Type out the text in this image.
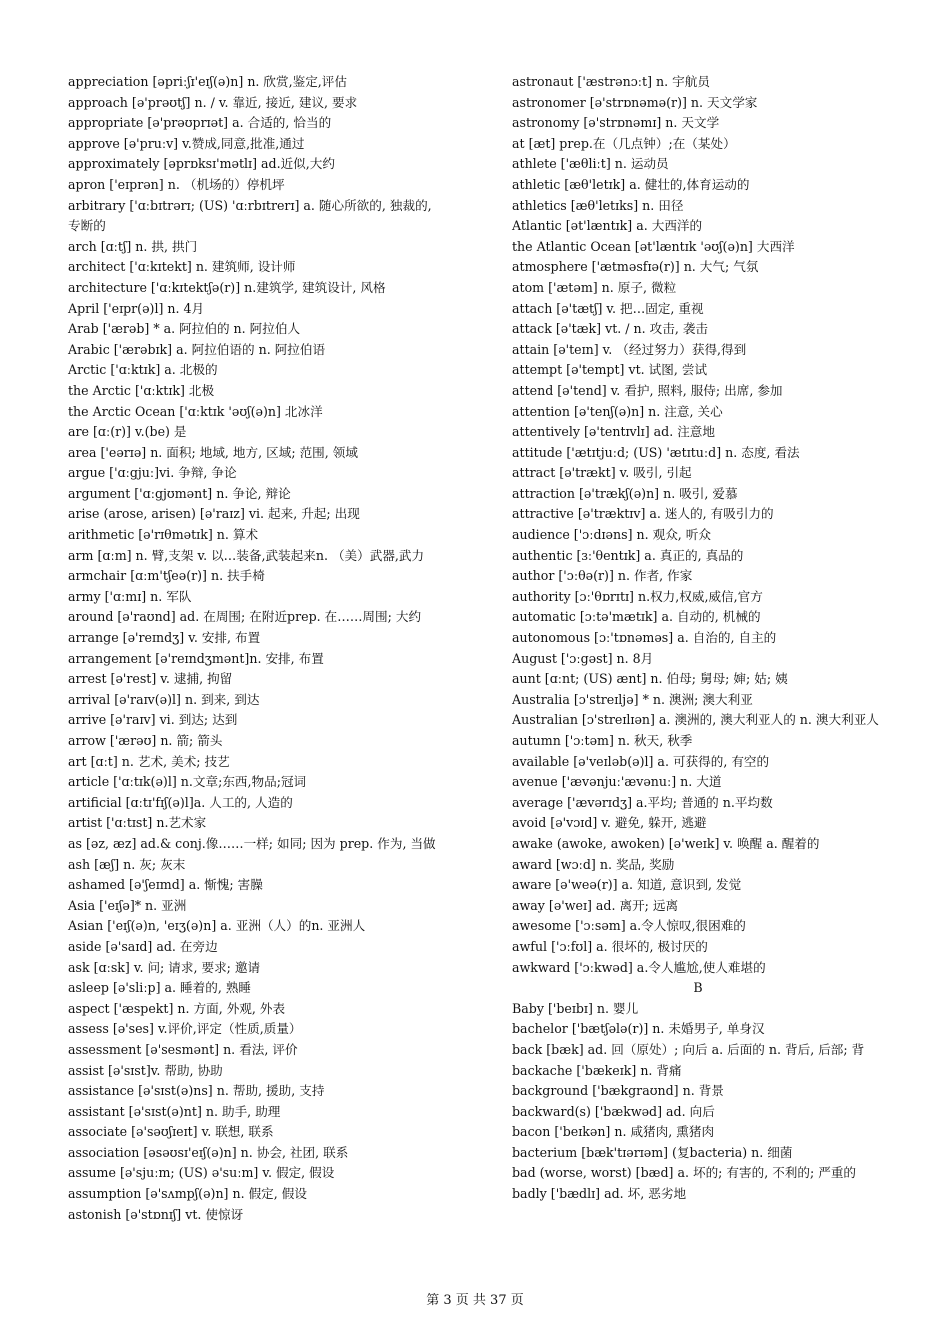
appreciation [əpriːʃɪ'eɪʃ(ə)n] n. 欣赏,鉴定,评估
approach [ə'prəʊtʃ] n. / v. 靠近, 接近, 建议, 要求
appropriate [ə'prəʊprɪət] a. 合适的, 恰当的
approve [ə'pruːv] v.赞成,同意,批准,通过
approximately [əprɒksɪ'mətlɪ] ad.近似,大约
apron ['eɪprən] n. （机场的）停机坪
arbitrary ['ɑːbɪtrərɪ; (US) 'ɑːrbɪtrerɪ] a. 随心所欲的, 独裁的, 专断的
arch [ɑːtʃ] n. 拱, 拱门
architect ['ɑːkɪtekt] n. 建筑师, 设计师
architecture ['ɑːkɪtektʃə(r)] n.建筑学, 建筑设计, 风格
April ['eɪpr(ə)l] n. 4月
Arab ['ærəb] * a. 阿拉伯的 n. 阿拉伯人
Arabic ['ærəbɪk] a. 阿拉伯语的 n. 阿拉伯语
Arctic ['ɑːktɪk] a. 北极的
the Arctic ['ɑːktɪk] 北极
the Arctic Ocean ['ɑːktɪk 'əʊʃ(ə)n] 北冰洋
are [ɑː(r)] v.(be) 是
area ['eərɪə] n. 面积; 地域, 地方, 区域; 范围, 领域
argue ['ɑːgjuː]vi. 争辩, 争论
argument ['ɑːgjʊmənt] n. 争论, 辩论
arise (arose, arisen) [ə'raɪz] vi. 起来, 升起; 出现
arithmetic [ə'rɪθmətɪk] n. 算术
arm [ɑːm] n. 臂,支架 v. 以…装备,武装起来n. （美）武器,武力
armchair [ɑːm'tʃeə(r)] n. 扶手椅
army ['ɑːmɪ] n. 军队
around [ə'raʊnd] ad. 在周围; 在附近prep. 在……周围; 大约
arrange [ə'reɪndʒ] v. 安排, 布置
arrangement [ə'reɪndʒmənt]n. 安排, 布置
arrest [ə'rest] v. 逮捕, 拘留
arrival [ə'raɪv(ə)l] n. 到来, 到达
arrive [ə'raɪv] vi. 到达; 达到
arrow ['ærəʊ] n. 箭; 箭头
art [ɑːt] n. 艺术, 美术; 技艺
article ['ɑːtɪk(ə)l] n.文章;东西,物品;冠词
artificial [ɑːtɪ'fɪʃ(ə)l]a. 人工的, 人造的
artist ['ɑːtɪst] n.艺术家
as [əz, æz] ad.& conj.像……一样; 如同; 因为 prep. 作为, 当做
ash [æʃ] n. 灰; 灰末
ashamed [ə'ʃeɪmd] a. 惭愧; 害臊
Asia ['eɪʃə]* n. 亚洲
Asian ['eɪʃ(ə)n, 'eɪʒ(ə)n] a. 亚洲（人）的n. 亚洲人
aside [ə'saɪd] ad. 在旁边
ask [ɑːsk] v. 问; 请求, 要求; 邀请
asleep [ə'sliːp] a. 睡着的, 熟睡
aspect ['æspekt] n. 方面, 外观, 外表
assess [ə'ses] v.评价,评定（性质,质量）
assessment [ə'sesmənt] n. 看法, 评价
assist [ə'sɪst]v. 帮助, 协助
assistance [ə'sɪst(ə)ns] n. 帮助, 援助, 支持
assistant [ə'sɪst(ə)nt] n. 助手, 助理
associate [ə'səʊʃɪeɪt] v. 联想, 联系
association [əsəʊsɪ'eɪʃ(ə)n] n. 协会, 社团, 联系
assume [ə'sjuːm; (US) ə'suːm] v. 假定, 假设
assumption [ə'sʌmpʃ(ə)n] n. 假定, 假设
astonish [ə'stɒnɪʃ] vt. 使惊讶
astronaut ['æstrənɔːt] n. 宇航员
astronomer [ə'strɒnəmə(r)] n. 天文学家
astronomy [ə'strɒnəmɪ] n. 天文学
at [æt] prep.在（几点钟）;在（某处）
athlete ['æθliːt] n. 运动员
athletic [æθ'letɪk] a. 健壮的,体育运动的
athletics [æθ'letɪks] n. 田径
Atlantic [ət'læntɪk] a. 大西洋的
the Atlantic Ocean [ət'læntɪk 'əʊʃ(ə)n] 大西洋
atmosphere ['ætməsfɪə(r)] n. 大气; 气氛
atom ['ætəm] n. 原子, 微粒
attach [ə'tætʃ] v. 把…固定, 重视
attack [ə'tæk] vt. / n. 攻击, 袭击
attain [ə'teɪn] v. （经过努力）获得,得到
attempt [ə'tempt] vt. 试图, 尝试
attend [ə'tend] v. 看护, 照料, 服侍; 出席, 参加
attention [ə'tenʃ(ə)n] n. 注意, 关心
attentively [ə'tentɪvlɪ] ad. 注意地
attitude ['ætɪtjuːd; (US) 'ætɪtuːd] n. 态度, 看法
attract [ə'trækt] v. 吸引, 引起
attraction [ə'trækʃ(ə)n] n. 吸引, 爱慕
attractive [ə'træktɪv] a. 迷人的, 有吸引力的
audience ['ɔːdɪəns] n. 观众, 听众
authentic [ɜː'θentɪk] a. 真正的, 真品的
author ['ɔːθə(r)] n. 作者, 作家
authority [ɔː'θɒrɪtɪ] n.权力,权威,威信,官方
automatic [ɔːtə'mætɪk] a. 自动的, 机械的
autonomous [ɔː'tɒnəməs] a. 自治的, 自主的
August ['ɔːgəst] n. 8月
aunt [ɑːnt; (US) ænt] n. 伯母; 舅母; 婶; 姑; 姨
Australia [ɔ'streɪljə] * n. 澳洲; 澳大利亚
Australian [ɔ'streɪlɪən] a. 澳洲的, 澳大利亚人的 n. 澳大利亚人
autumn ['ɔːtəm] n. 秋天, 秋季
available [ə'veɪləb(ə)l] a. 可获得的, 有空的
avenue ['ævənjuː'ævənuː] n. 大道
average ['ævərɪdʒ] a.平均; 普通的 n.平均数
avoid [ə'vɔɪd] v. 避免, 躲开, 逃避
awake (awoke, awoken) [ə'weɪk] v. 唤醒 a. 醒着的
award [wɔːd] n. 奖品, 奖励
aware [ə'weə(r)] a. 知道, 意识到, 发觉
away [ə'weɪ] ad. 离开; 远离
awesome ['ɔːsəm] a.令人惊叹,很困难的
awful ['ɔːfʊl] a. 很坏的, 极讨厌的
awkward ['ɔːkwəd] a.令人尴尬,使人难堪的
B
Baby ['beɪbɪ] n. 婴儿
bachelor ['bætʃələ(r)] n. 未婚男子, 单身汉
back [bæk] ad. 回（原处）; 向后 a. 后面的 n. 背后, 后部; 背
backache ['bækeɪk] n. 背痛
background ['bækgraʊnd] n. 背景
backward(s) ['bækwəd] ad. 向后
bacon ['beɪkən] n. 咸猪肉, 熏猪肉
bacterium [bæk'tɪərɪəm] (复bacteria) n. 细菌
bad (worse, worst) [bæd] a. 坏的; 有害的, 不利的; 严重的
badly ['bædlɪ] ad. 坏, 恶劣地
第 3 页 共 37 页
